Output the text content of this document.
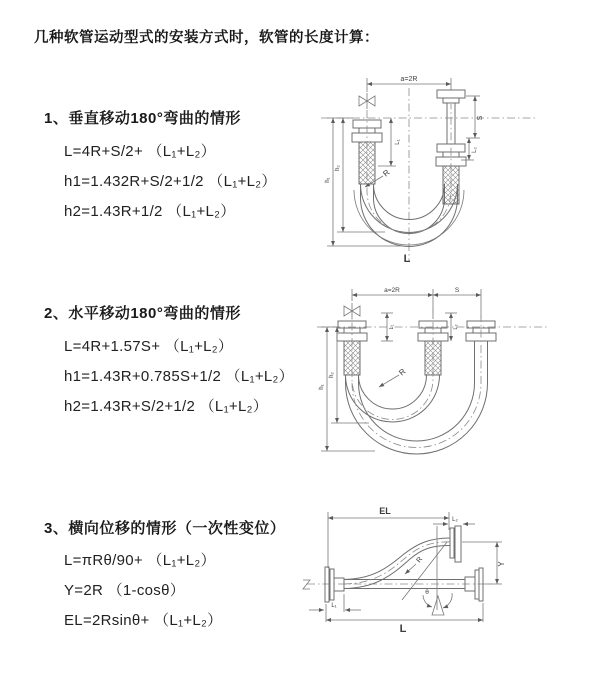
几种软管运动型式的安装方式时，软管的长度计算：
1、垂直移动180°弯曲的情形
L=4R+S/2+ （L₁+L₂）
h1=1.432R+S/2+1/2 （L₁+L₂）
h2=1.43R+1/2 （L₁+L₂）
2、水平移动180°弯曲的情形
L=4R+1.57S+ （L₁+L₂）
h1=1.43R+0.785S+1/2 （L₁+L₂）
h2=1.43R+S/2+1/2 （L₁+L₂）
3、横向位移的情形（一次性变位）
L=πRθ/90+ （L₁+L₂）
Y=2R （1-cosθ）
EL=2Rsinθ+ （L₁+L₂）
a=2R
L₁
S
L₂
h₁
h₂	R
L
a=2R	S
L₁	L₂
h₁
h₂	R
EL
L₂
Y
θ
R
L₁
L
